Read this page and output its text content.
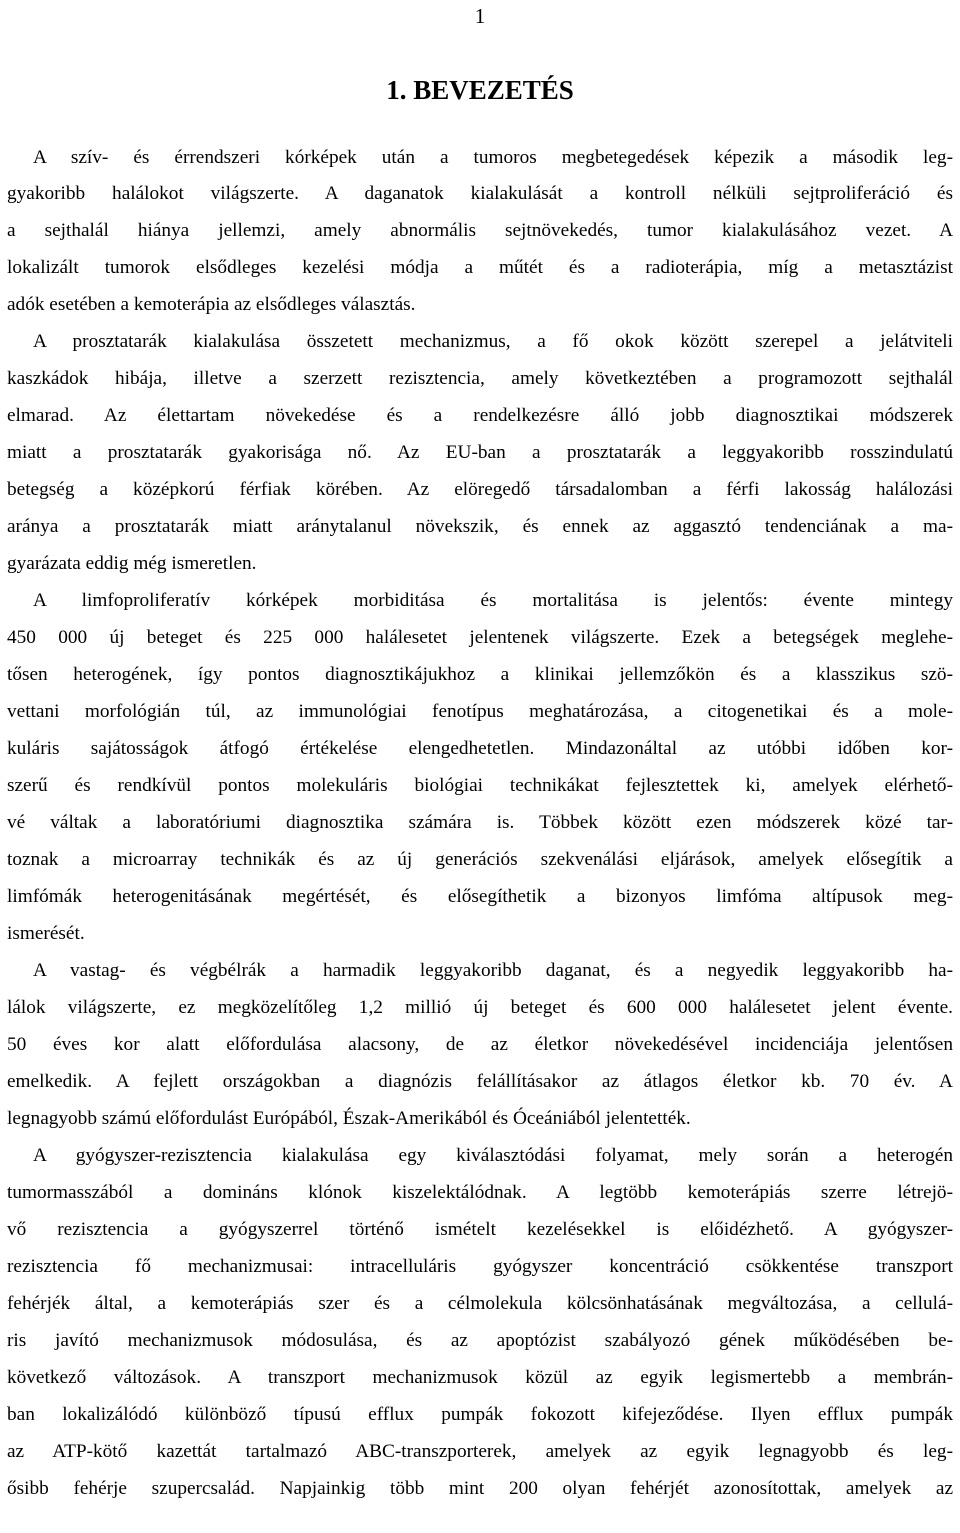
1
1. BEVEZETÉS
A szív- és érrendszeri kórképek után a tumoros megbetegedések képezik a második leg-
gyakoribb halálokot világszerte. A daganatok kialakulását a kontroll nélküli sejtproliferáció és
a sejthalál hiánya jellemzi, amely abnormális sejtnövekedés, tumor kialakulásához vezet. A
lokalizált tumorok elsődleges kezelési módja a műtét és a radioterápia, míg a metasztázist
adók esetében a kemoterápia az elsődleges választás.
A prosztatarák kialakulása összetett mechanizmus, a fő okok között szerepel a jelátviteli
kaszkádok hibája, illetve a szerzett rezisztencia, amely következtében a programozott sejthalál
elmarad. Az élettartam növekedése és a rendelkezésre álló jobb diagnosztikai módszerek
miatt a prosztatarák gyakorisága nő. Az EU-ban a prosztatarák a leggyakoribb rosszindulatú
betegség a középkorú férfiak körében. Az elöregedő társadalomban a férfi lakosság halálozási
aránya a prosztatarák miatt aránytalanul növekszik, és ennek az aggasztó tendenciának a ma-
gyarázata eddig még ismeretlen.
A limfoproliferatív kórképek morbiditása és mortalitása is jelentős: évente mintegy
450 000 új beteget és 225 000 halálesetet jelentenek világszerte. Ezek a betegségek meglehe-
tősen heterogének, így pontos diagnosztikájukhoz a klinikai jellemzőkön és a klasszikus szö-
vettani morfológián túl, az immunológiai fenotípus meghatározása, a citogenetikai és a mole-
kuláris sajátosságok átfogó értékelése elengedhetetlen. Mindazonáltal az utóbbi időben kor-
szerű és rendkívül pontos molekuláris biológiai technikákat fejlesztettek ki, amelyek elérhető-
vé váltak a laboratóriumi diagnosztika számára is. Többek között ezen módszerek közé tar-
toznak a microarray technikák és az új generációs szekvenálási eljárások, amelyek elősegítik a
limfómák heterogenitásának megértését, és elősegíthetik a bizonyos limfóma altípusok meg-
ismerését.
A vastag- és végbélrák a harmadik leggyakoribb daganat, és a negyedik leggyakoribb ha-
lálok világszerte, ez megközelítőleg 1,2 millió új beteget és 600 000 halálesetet jelent évente.
50 éves kor alatt előfordulása alacsony, de az életkor növekedésével incidenciája jelentősen
emelkedik. A fejlett országokban a diagnózis felállításakor az átlagos életkor kb. 70 év. A
legnagyobb számú előfordulást Európából, Észak-Amerikából és Óceániából jelentették.
A gyógyszer-rezisztencia kialakulása egy kiválasztódási folyamat, mely során a heterogén
tumormasszából a domináns klónok kiszelektálódnak. A legtöbb kemoterápiás szerre létrejö-
vő rezisztencia a gyógyszerrel történő ismételt kezelésekkel is előidézhető. A gyógyszer-
rezisztencia fő mechanizmusai: intracelluláris gyógyszer koncentráció csökkentése transzport
fehérjék által, a kemoterápiás szer és a célmolekula kölcsönhatásának megváltozása, a cellulá-
ris javító mechanizmusok módosulása, és az apoptózist szabályozó gének működésében be-
következő változások. A transzport mechanizmusok közül az egyik legismertebb a membrán-
ban lokalizálódó különböző típusú efflux pumpák fokozott kifejeződése. Ilyen efflux pumpák
az ATP-kötő kazettát tartalmazó ABC-transzporterek, amelyek az egyik legnagyobb és leg-
ősibb fehérje szupercsalád. Napjainkig több mint 200 olyan fehérjét azonosítottak, amelyek az
